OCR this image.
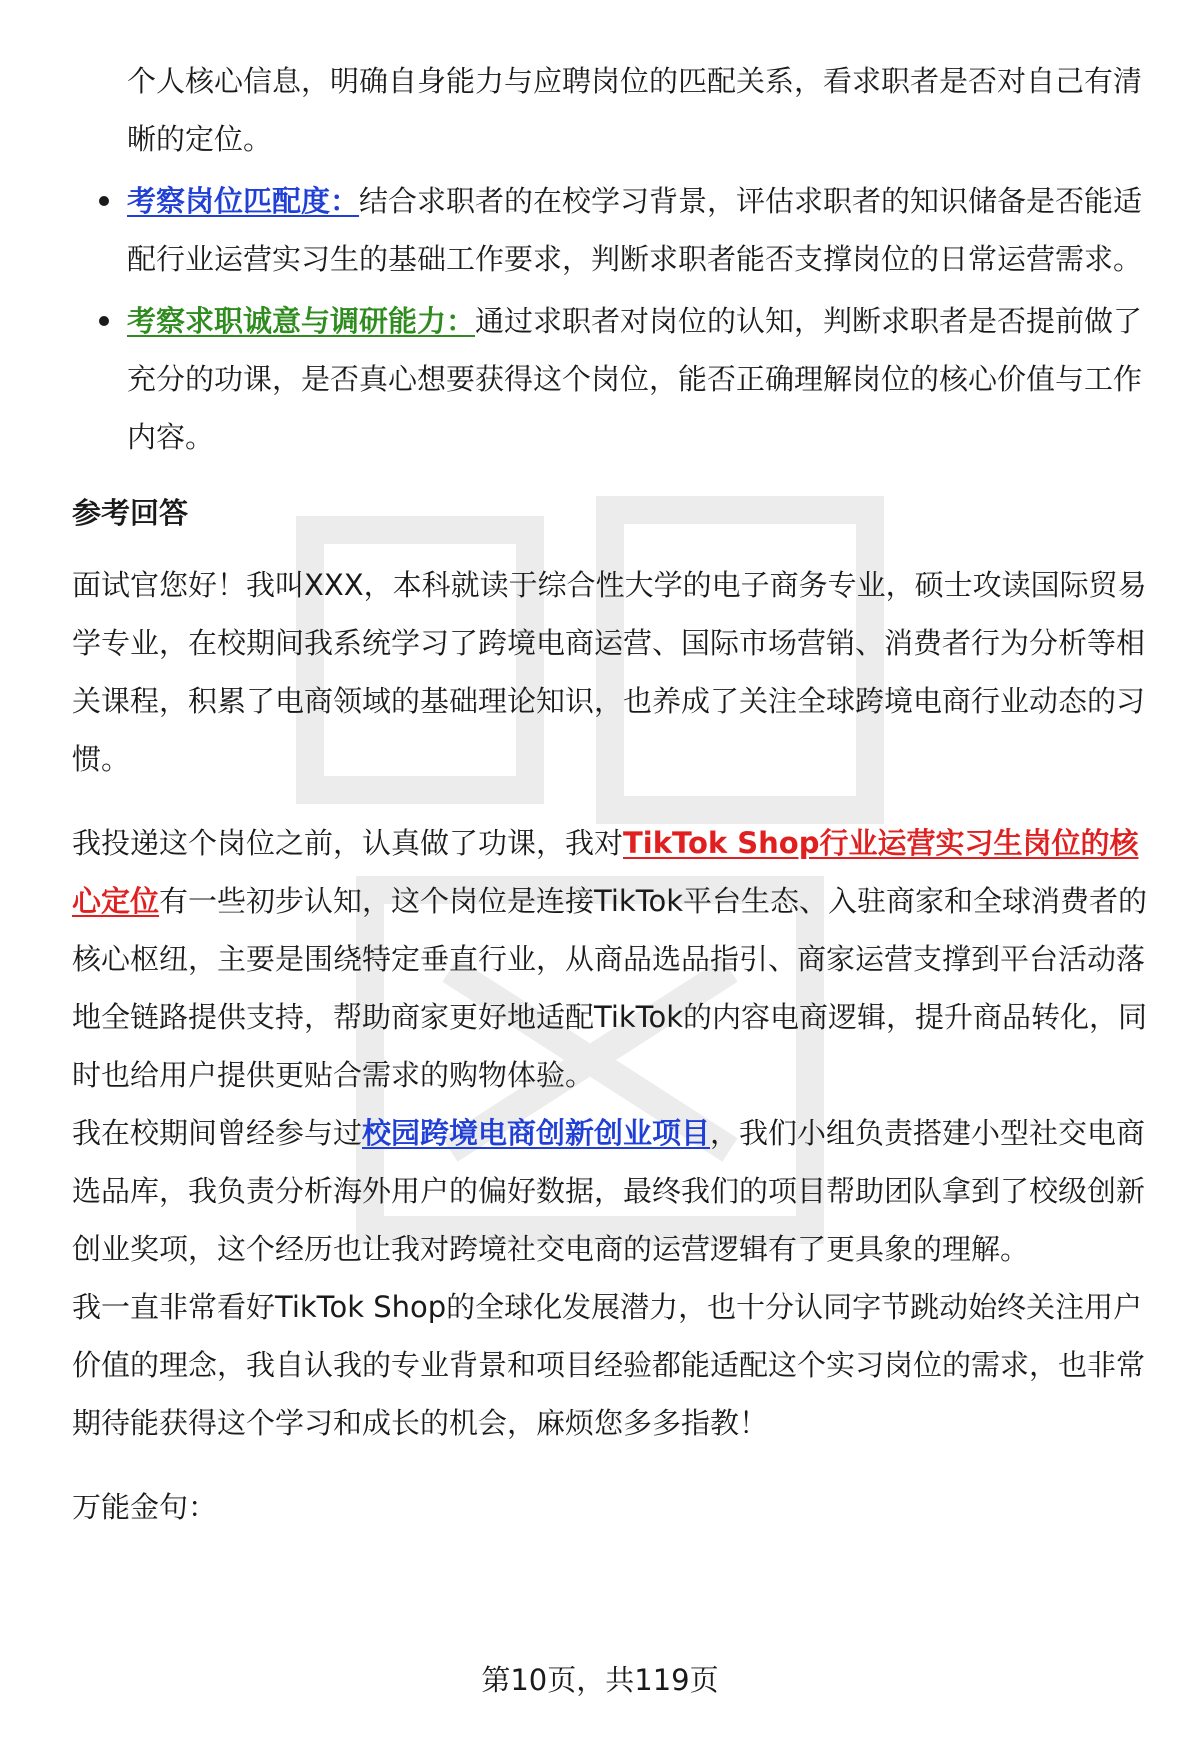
个人核心信息，明确自身能力与应聘岗位的匹配关系，看求职者是否对自己有清晰的定位。
考察岗位匹配度：结合求职者的在校学习背景，评估求职者的知识储备是否能适配行业运营实习生的基础工作要求，判断求职者能否支撑岗位的日常运营需求。
考察求职诚意与调研能力：通过求职者对岗位的认知，判断求职者是否提前做了充分的功课，是否真心想要获得这个岗位，能否正确理解岗位的核心价值与工作内容。
参考回答
面试官您好！我叫XXX，本科就读于综合性大学的电子商务专业，硕士攻读国际贸易学专业，在校期间我系统学习了跨境电商运营、国际市场营销、消费者行为分析等相关课程，积累了电商领域的基础理论知识，也养成了关注全球跨境电商行业动态的习惯。
我投递这个岗位之前，认真做了功课，我对TikTok Shop行业运营实习生岗位的核心定位有一些初步认知，这个岗位是连接TikTok平台生态、入驻商家和全球消费者的核心枢纽，主要是围绕特定垂直行业，从商品选品指引、商家运营支撑到平台活动落地全链路提供支持，帮助商家更好地适配TikTok的内容电商逻辑，提升商品转化，同时也给用户提供更贴合需求的购物体验。
我在校期间曾经参与过校园跨境电商创新创业项目，我们小组负责搭建小型社交电商选品库，我负责分析海外用户的偏好数据，最终我们的项目帮助团队拿到了校级创新创业奖项，这个经历也让我对跨境社交电商的运营逻辑有了更具象的理解。
我一直非常看好TikTok Shop的全球化发展潜力，也十分认同字节跳动始终关注用户价值的理念，我自认我的专业背景和项目经验都能适配这个实习岗位的需求，也非常期待能获得这个学习和成长的机会，麻烦您多多指教！
万能金句：
第10页，共119页
